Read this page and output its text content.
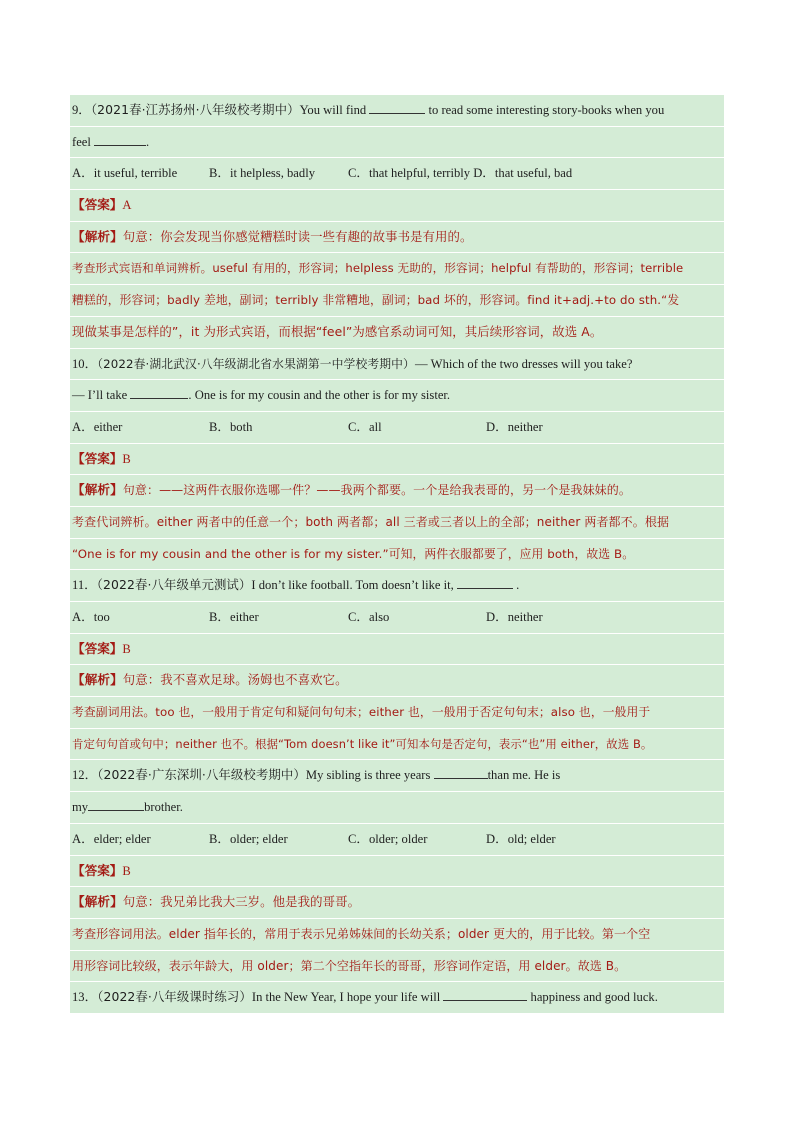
9．（2021春·江苏扬州·八年级校考期中）You will find	to read some interesting story-books when you
feel	.
A．it useful, terrible	B．it helpless, badly	C．that helpful, terribly D．that useful, bad
【答案】A
【解析】句意：你会发现当你感觉糟糕时读一些有趣的故事书是有用的。
考查形式宾语和单词辨析。useful 有用的，形容词；helpless 无助的，形容词；helpful 有帮助的，形容词；terrible
糟糕的，形容词；badly 差地，副词；terribly 非常糟地，副词；bad 坏的，形容词。find it+adj.+to do sth.“发
现做某事是怎样的”，it 为形式宾语，而根据“feel”为感官系动词可知，其后续形容词，故选 A。
10．（2022春·湖北武汉·八年级湖北省水果湖第一中学校考期中）— Which of the two dresses will you take?
— I’ll take	. One is for my cousin and the other is for my sister.
A．either	B．both	C．all	D．neither
【答案】B
【解析】句意：——这两件衣服你选哪一件？——我两个都要。一个是给我表哥的，另一个是我妹妹的。
考查代词辨析。either 两者中的任意一个；both 两者都；all 三者或三者以上的全部；neither 两者都不。根据
“One is for my cousin and the other is for my sister.”可知，两件衣服都要了，应用 both，故选 B。
11．（2022春·八年级单元测试）I don’t like football. Tom doesn’t like it,	.
A．too	B．either	C．also	D．neither
【答案】B
【解析】句意：我不喜欢足球。汤姆也不喜欢它。
考查副词用法。too 也，一般用于肯定句和疑问句句末；either 也，一般用于否定句句末；also 也，一般用于
肯定句句首或句中；neither 也不。根据“Tom doesn’t like it”可知本句是否定句，表示“也”用 either，故选 B。
12．（2022春·广东深圳·八年级校考期中）My sibling is three years	than me. He is
my	brother.
A．elder; elder	B．older; elder	C．older; older	D．old; elder
【答案】B
【解析】句意：我兄弟比我大三岁。他是我的哥哥。
考查形容词用法。elder 指年长的，常用于表示兄弟姊妹间的长幼关系；older 更大的，用于比较。第一个空
用形容词比较级，表示年龄大，用 older；第二个空指年长的哥哥，形容词作定语，用 elder。故选 B。
13．（2022春·八年级课时练习）In the New Year, I hope your life will	happiness and good luck.
